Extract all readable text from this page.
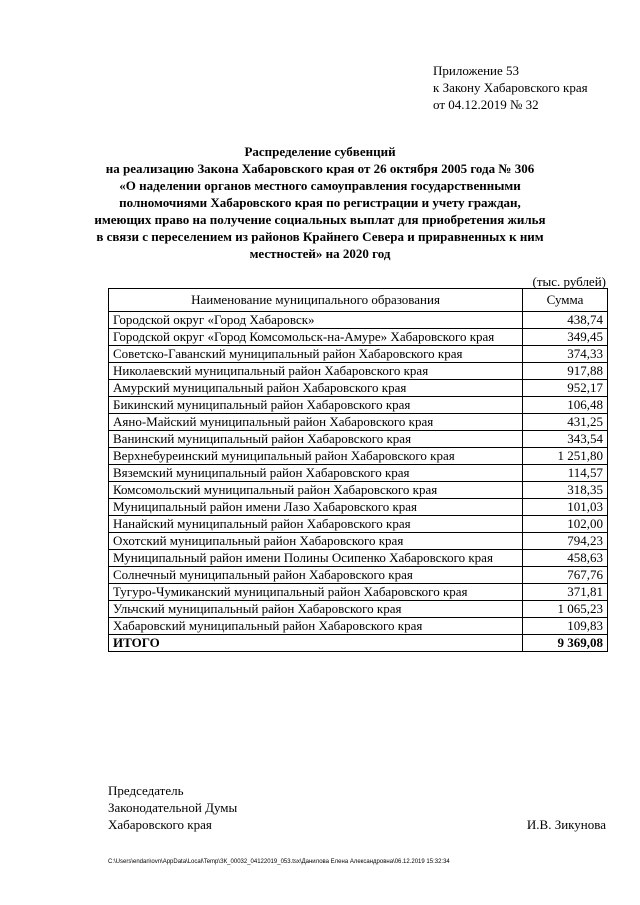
Приложение 53
к Закону Хабаровского края
от 04.12.2019 № 32
Распределение субвенций
на реализацию Закона Хабаровского края от 26 октября 2005 года № 306
«О наделении органов местного самоуправления государственными полномочиями Хабаровского края по регистрации и учету граждан, имеющих право на получение социальных выплат для приобретения жилья в связи с переселением из районов Крайнего Севера и приравненных к ним местностей» на 2020 год
(тыс. рублей)
Наименование муниципального образования	Сумма
Городской округ «Город Хабаровск»	438,74
Городской округ «Город Комсомольск-на-Амуре» Хабаровского края	349,45
Советско-Гаванский муниципальный район Хабаровского края	374,33
Николаевский муниципальный район Хабаровского края	917,88
Амурский муниципальный район Хабаровского края	952,17
Бикинский муниципальный район Хабаровского края	106,48
Аяно-Майский муниципальный район Хабаровского края	431,25
Ванинский муниципальный район Хабаровского края	343,54
Верхнебуреинский муниципальный район Хабаровского края	1 251,80
Вяземский муниципальный район Хабаровского края	114,57
Комсомольский муниципальный район Хабаровского края	318,35
Муниципальный район имени Лазо Хабаровского края	101,03
Нанайский муниципальный район Хабаровского края	102,00
Охотский муниципальный район Хабаровского края	794,23
Муниципальный район имени Полины Осипенко Хабаровского края	458,63
Солнечный муниципальный район Хабаровского края	767,76
Тугуро-Чумиканский муниципальный район Хабаровского края	371,81
Ульчский муниципальный район Хабаровского края	1 065,23
Хабаровский муниципальный район Хабаровского края	109,83
ИТОГО	9 369,08
Председатель
Законодательной Думы
Хабаровского края	И.В. Зикунова
C:\Users\endan\ovn\AppData\Local\Temp\ЗК_00032_04122019_053.tsx\Данилова Елена Александровна\06.12.2019 15:32:34
